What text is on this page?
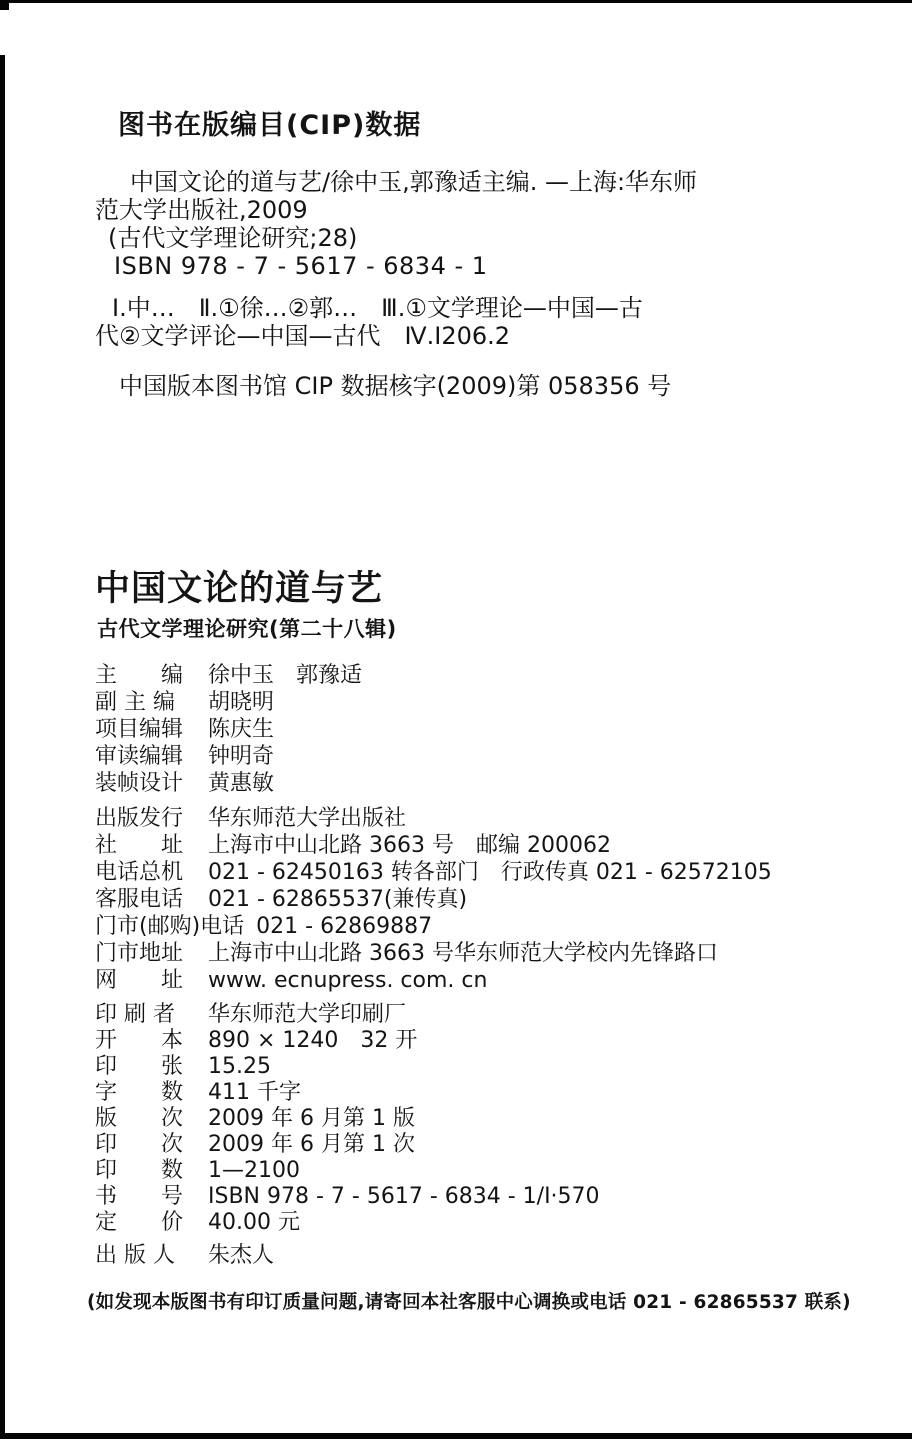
图书在版编目(CIP)数据
中国文论的道与艺/徐中玉,郭豫适主编. —上海:华东师
范大学出版社,2009
(古代文学理论研究;28)
ISBN 978 - 7 - 5617 - 6834 - 1
Ⅰ.中…　Ⅱ.①徐…②郭…　Ⅲ.①文学理论—中国—古
代②文学评论—中国—古代　Ⅳ.I206.2
中国版本图书馆 CIP 数据核字(2009)第 058356 号
中国文论的道与艺
古代文学理论研究(第二十八辑)
主　　编	徐中玉　郭豫适
副 主 编	胡晓明
项目编辑	陈庆生
审读编辑	钟明奇
装帧设计	黄惠敏
出版发行	华东师范大学出版社
社　　址	上海市中山北路 3663 号　邮编 200062
电话总机	021 - 62450163 转各部门　行政传真 021 - 62572105
客服电话	021 - 62865537(兼传真)
门市(邮购)电话 021 - 62869887
门市地址	上海市中山北路 3663 号华东师范大学校内先锋路口
网　　址	www. ecnupress. com. cn
印 刷 者	华东师范大学印刷厂
开　　本	890 × 1240　32 开
印　　张	15.25
字　　数	411 千字
版　　次	2009 年 6 月第 1 版
印　　次	2009 年 6 月第 1 次
印　　数	1—2100
书　　号	ISBN 978 - 7 - 5617 - 6834 - 1/I·570
定　　价	40.00 元
出 版 人	朱杰人
(如发现本版图书有印订质量问题,请寄回本社客服中心调换或电话 021 - 62865537 联系)
